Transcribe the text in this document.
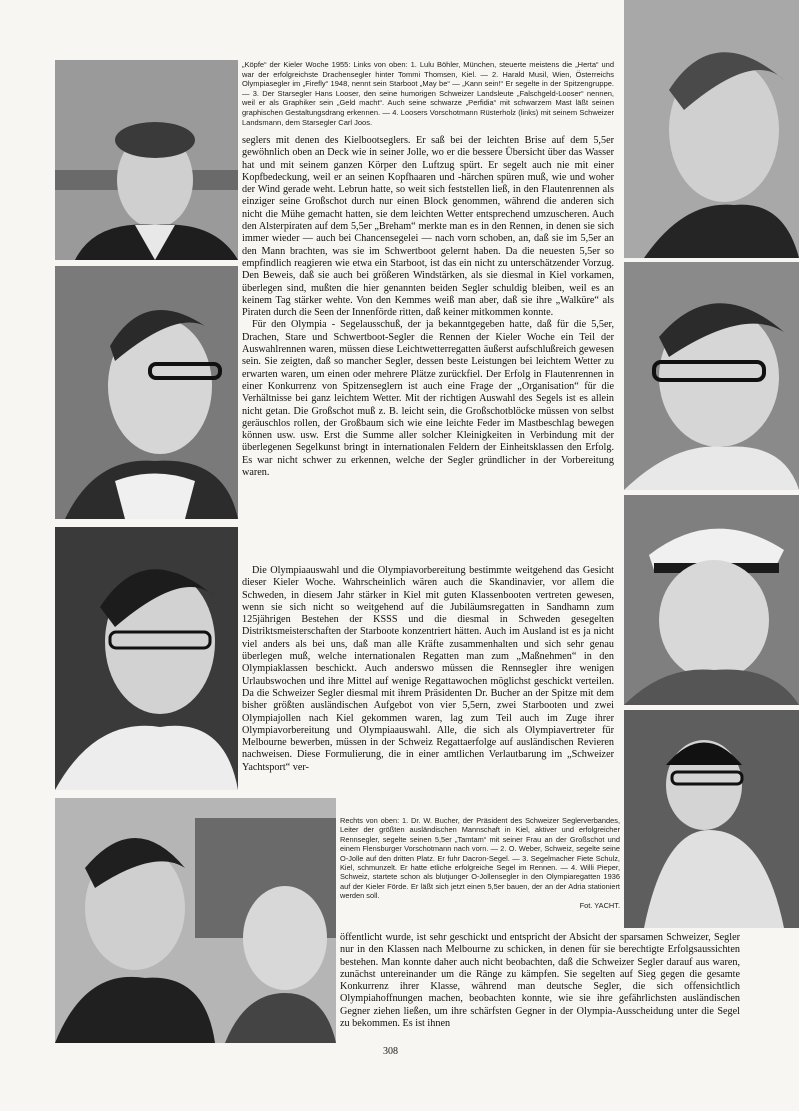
„Köpfe“ der Kieler Woche 1955: Links von oben: 1. Lulu Böhler, München, steuerte meistens die „Herta“ und war der erfolgreichste Drachensegler hinter Tommi Thomsen, Kiel. — 2. Harald Musil, Wien, Österreichs Olympiasegler im „Firefly“ 1948, nennt sein Starboot „May be“ — „Kann sein!“ Er segelte in der Spitzengruppe. — 3. Der Starsegler Hans Looser, den seine humorigen Schweizer Landsleute „Falschgeld-Looser“ nennen, weil er als Graphiker sein „Geld macht“. Auch seine schwarze „Perfidia“ mit schwarzem Mast läßt seinen graphischen Gestaltungsdrang erkennen. — 4. Loosers Vorschotmann Rüsterholz (links) mit seinem Schweizer Landsmann, dem Starsegler Carl Joos.
Rechts von oben: 1. Dr. W. Bucher, der Präsident des Schweizer Seglerverbandes, Leiter der größten ausländischen Mannschaft in Kiel, aktiver und erfolgreicher Rennsegler, segelte seinen 5,5er „Tamtam“ mit seiner Frau an der Großschot und einem Flensburger Vorschotmann nach vorn. — 2. O. Weber, Schweiz, segelte seine O-Jolle auf den dritten Platz. Er fuhr Dacron-Segel. — 3. Segelmacher Fiete Schulz, Kiel, schmunzelt. Er hatte etliche erfolgreiche Segel im Rennen. — 4. Willi Pieper, Schweiz, startete schon als blutjunger O-Jollensegler in den Olympiaregatten 1936 auf der Kieler Förde. Er läßt sich jetzt einen 5,5er bauen, der an der Adria stationiert werden soll.
Fot. YACHT.

seglers mit denen des Kielbootseglers. Er saß bei der leichten Brise auf dem 5,5er gewöhnlich oben an Deck wie in seiner Jolle, wo er die bessere Übersicht über das Wasser hat und mit seinem ganzen Körper den Luftzug spürt. Er segelt auch nie mit einer Kopfbedeckung, weil er an seinen Kopfhaaren und -härchen spüren muß, wie und woher der Wind gerade weht. Lebrun hatte, so weit sich feststellen ließ, in den Flautenrennen als einziger seine Großschot durch nur einen Block genommen, während die anderen sich nicht die Mühe gemacht hatten, sie dem leichten Wetter entsprechend umzuscheren. Auch den Alsterpiraten auf dem 5,5er „Breham“ merkte man es in den Rennen, in denen sie sich immer wieder — auch bei Chancensegelei — nach vorn schoben, an, daß sie im 5,5er an den Mann brachten, was sie im Schwertboot gelernt haben. Da die neuesten 5,5er so empfindlich reagieren wie etwa ein Starboot, ist das ein nicht zu unterschätzender Vorzug. Den Beweis, daß sie auch bei größeren Windstärken, als sie diesmal in Kiel vorkamen, überlegen sind, mußten die hier genannten beiden Segler schuldig bleiben, weil es an keinem Tag stärker wehte. Von den Kemmes weiß man aber, daß sie ihre „Walküre“ als Piraten durch die Seen der Innenförde ritten, daß keiner mitkommen konnte.

Für den Olympia - Segelausschuß, der ja bekanntgegeben hatte, daß für die 5,5er, Drachen, Stare und Schwertboot-Segler die Rennen der Kieler Woche ein Teil der Auswahlrennen waren, müssen diese Leichtwetterregatten äußerst aufschlußreich gewesen sein. Sie zeigten, daß so mancher Segler, dessen beste Leistungen bei leichtem Wetter zu erwarten waren, um einen oder mehrere Plätze zurückfiel. Der Erfolg in Flautenrennen in einer Konkurrenz von Spitzenseglern ist auch eine Frage der „Organisation“ für die Verhältnisse bei ganz leichtem Wetter. Mit der richtigen Auswahl des Segels ist es allein nicht getan. Die Großschot muß z. B. leicht sein, die Großschotblöcke müssen von selbst geräuschlos rollen, der Großbaum sich wie eine leichte Feder im Mastbeschlag bewegen können usw. usw. Erst die Summe aller solcher Kleinigkeiten in Verbindung mit der überlegenen Segelkunst bringt in internationalen Feldern der Einheitsklassen den Erfolg. Es war nicht schwer zu erkennen, welche der Segler gründlicher in der Vorbereitung waren.

Die Olympiaauswahl und die Olympiavorbereitung bestimmte weitgehend das Gesicht dieser Kieler Woche. Wahrscheinlich wären auch die Skandinavier, vor allem die Schweden, in diesem Jahr stärker in Kiel mit guten Klassenbooten vertreten gewesen, wenn sie sich nicht so weitgehend auf die Jubiläumsregatten in Sandhamn zum 125jährigen Bestehen der KSSS und die diesmal in Schweden gesegelten Distriktsmeisterschaften der Starboote konzentriert hätten. Auch im Ausland ist es ja nicht viel anders als bei uns, daß man alle Kräfte zusammenhalten und sich sehr genau überlegen muß, welche internationalen Regatten man zum „Maßnehmen“ in den Olympiaklassen beschickt. Auch anderswo müssen die Rennsegler ihre wenigen Urlaubswochen und ihre Mittel auf wenige Regattawochen möglichst geschickt verteilen. Da die Schweizer Segler diesmal mit ihrem Präsidenten Dr. Bucher an der Spitze mit dem bisher größten ausländischen Aufgebot von vier 5,5ern, zwei Starbooten und zwei Olympiajollen nach Kiel gekommen waren, lag zum Teil auch im Zuge ihrer Olympiavorbereitung und Olympiaauswahl. Alle, die sich als Olympiavertreter für Melbourne bewerben, müssen in der Schweiz Regattaerfolge auf ausländischen Revieren nachweisen. Diese Formulierung, die in einer amtlichen Verlautbarung im „Schweizer Yachtsport“ ver-

öffentlicht wurde, ist sehr geschickt und entspricht der Absicht der sparsamen Schweizer, Segler nur in den Klassen nach Melbourne zu schicken, in denen für sie berechtigte Erfolgsaussichten bestehen. Man konnte daher auch nicht beobachten, daß die Schweizer Segler darauf aus waren, zunächst untereinander um die Ränge zu kämpfen. Sie segelten auf Sieg gegen die gesamte Konkurrenz ihrer Klasse, während man deutsche Segler, die sich offensichtlich Olympiahoffnungen machen, beobachten konnte, wie sie ihre gefährlichsten ausländischen Gegner ziehen ließen, um ihre schärfsten Gegner in der Olympia-Ausscheidung unter die Segel zu bekommen. Es ist ihnen

308
